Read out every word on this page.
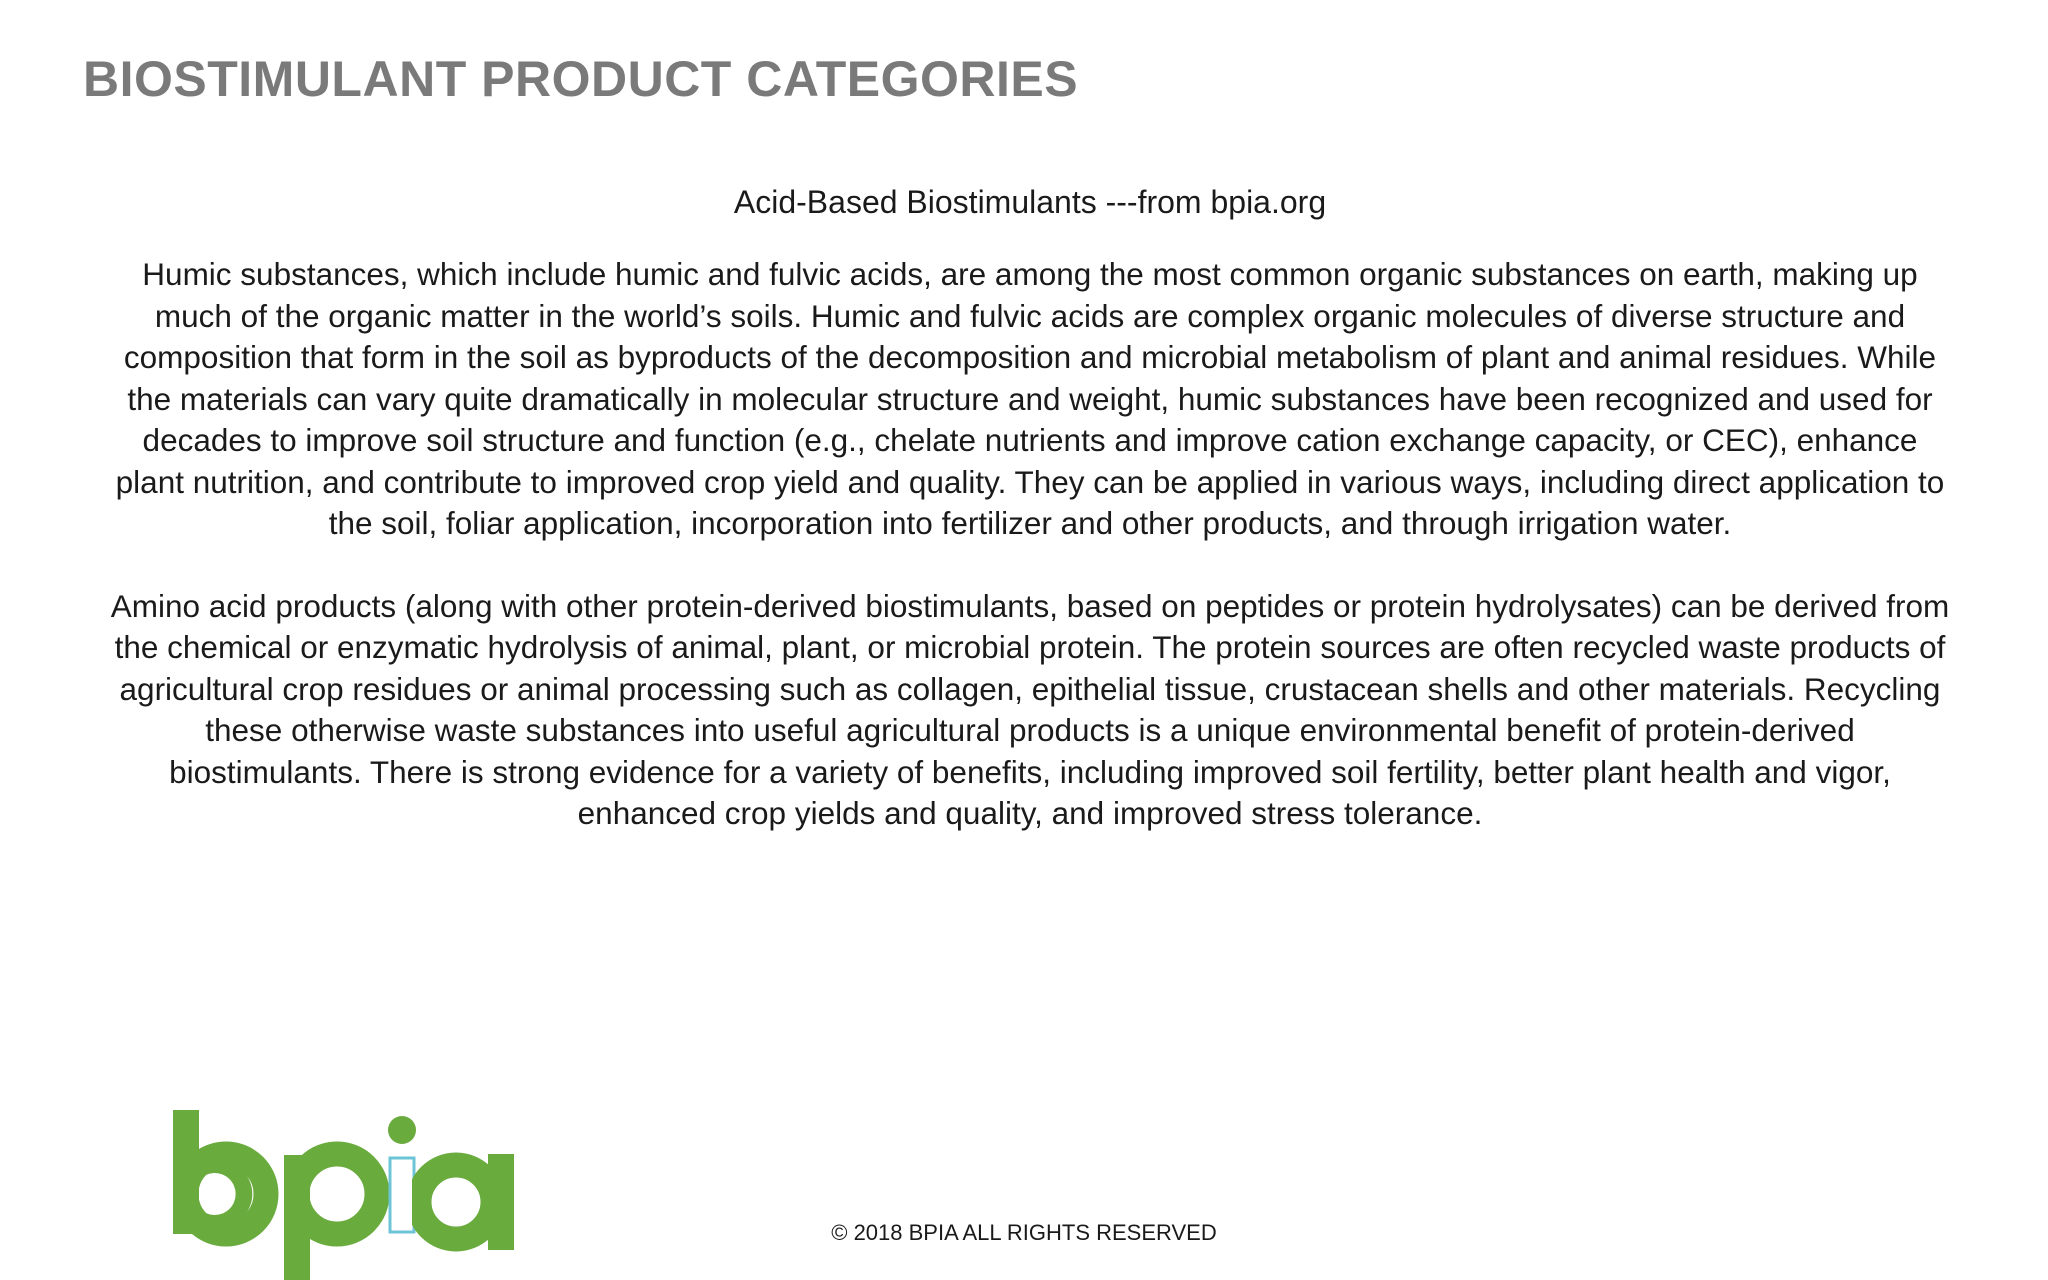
BIOSTIMULANT PRODUCT CATEGORIES

Acid-Based Biostimulants ---from bpia.org

Humic substances, which include humic and fulvic acids, are among the most common organic substances on earth, making up much of the organic matter in the world’s soils. Humic and fulvic acids are complex organic molecules of diverse structure and composition that form in the soil as byproducts of the decomposition and microbial metabolism of plant and animal residues. While the materials can vary quite dramatically in molecular structure and weight, humic substances have been recognized and used for decades to improve soil structure and function (e.g., chelate nutrients and improve cation exchange capacity, or CEC), enhance plant nutrition, and contribute to improved crop yield and quality. They can be applied in various ways, including direct application to the soil, foliar application, incorporation into fertilizer and other products, and through irrigation water.

Amino acid products (along with other protein-derived biostimulants, based on peptides or protein hydrolysates) can be derived from the chemical or enzymatic hydrolysis of animal, plant, or microbial protein. The protein sources are often recycled waste products of agricultural crop residues or animal processing such as collagen, epithelial tissue, crustacean shells and other materials. Recycling these otherwise waste substances into useful agricultural products is a unique environmental benefit of protein-derived biostimulants. There is strong evidence for a variety of benefits, including improved soil fertility, better plant health and vigor, enhanced crop yields and quality, and improved stress tolerance.

© 2018 BPIA ALL RIGHTS RESERVED
